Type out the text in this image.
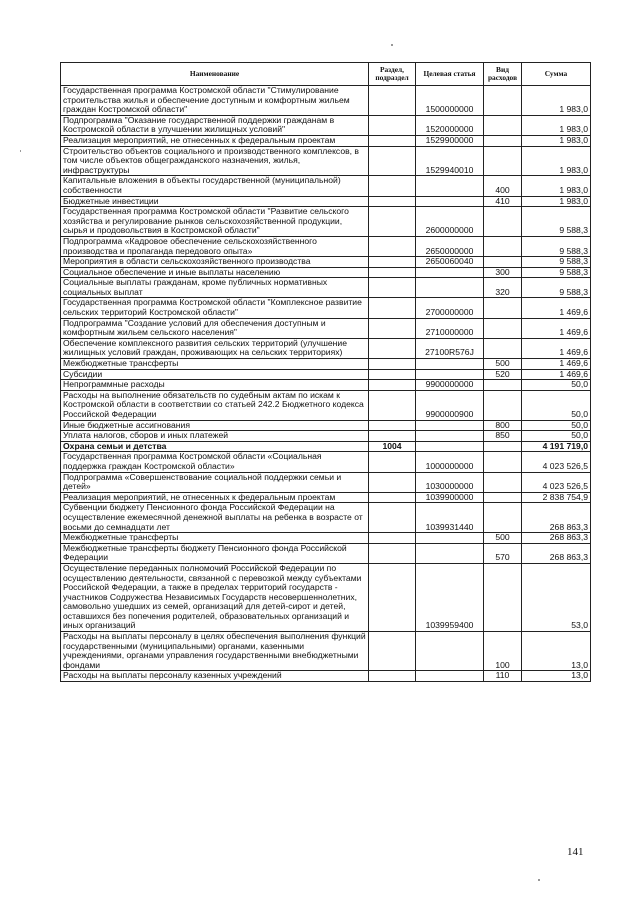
Наименование	Раздел, подраздел	Целевая статья	Вид расходов	Сумма
Государственная программа Костромской области "Стимулирование строительства жилья и обеспечение доступным и комфортным жильем граждан Костромской области"		1500000000		1 983,0
Подпрограмма "Оказание государственной поддержки гражданам в Костромской области в улучшении жилищных условий"		1520000000		1 983,0
Реализация мероприятий, не отнесенных к федеральным проектам		1529900000		1 983,0
Строительство объектов социального и производственного комплексов, в том числе объектов общегражданского назначения, жилья, инфраструктуры		1529940010		1 983,0
Капитальные вложения в объекты государственной (муниципальной) собственности			400	1 983,0
Бюджетные инвестиции			410	1 983,0
Государственная программа Костромской области "Развитие сельского хозяйства и регулирование рынков сельскохозяйственной продукции, сырья и продовольствия в Костромской области"		2600000000		9 588,3
Подпрограмма «Кадровое обеспечение сельскохозяйственного производства и пропаганда передового опыта»		2650000000		9 588,3
Мероприятия в области сельскохозяйственного производства		2650060040		9 588,3
Социальное обеспечение и иные выплаты населению			300	9 588,3
Социальные выплаты гражданам, кроме публичных нормативных социальных выплат			320	9 588,3
Государственная программа Костромской области "Комплексное развитие сельских территорий Костромской области"		2700000000		1 469,6
Подпрограмма "Создание условий для обеспечения доступным и комфортным жильем сельского населения"		2710000000		1 469,6
Обеспечение комплексного развития сельских территорий (улучшение жилищных условий граждан, проживающих на сельских территориях)		27100R576J		1 469,6
Межбюджетные трансферты			500	1 469,6
Субсидии			520	1 469,6
Непрограммные расходы		9900000000		50,0
Расходы на выполнение обязательств по судебным актам по искам к Костромской области в соответствии со статьей 242.2 Бюджетного кодекса Российской Федерации		9900000900		50,0
Иные бюджетные ассигнования			800	50,0
Уплата налогов, сборов и иных платежей			850	50,0
Охрана семьи и детства	1004			4 191 719,0
Государственная программа Костромской области «Социальная поддержка граждан Костромской области»		1000000000		4 023 526,5
Подпрограмма «Совершенствование социальной поддержки семьи и детей»		1030000000		4 023 526,5
Реализация мероприятий, не отнесенных к федеральным проектам		1039900000		2 838 754,9
Субвенции бюджету Пенсионного фонда Российской Федерации на осуществление ежемесячной денежной выплаты на ребенка в возрасте от восьми до семнадцати лет		1039931440		268 863,3
Межбюджетные трансферты			500	268 863,3
Межбюджетные трансферты бюджету Пенсионного фонда Российской Федерации			570	268 863,3
Осуществление переданных полномочий Российской Федерации по осуществлению деятельности, связанной с перевозкой между субъектами Российской Федерации, а также в пределах территорий государств - участников Содружества Независимых Государств несовершеннолетних, самовольно ушедших из семей, организаций для детей-сирот и детей, оставшихся без попечения родителей, образовательных организаций и иных организаций		1039959400		53,0
Расходы на выплаты персоналу в целях обеспечения выполнения функций государственными (муниципальными) органами, казенными учреждениями, органами управления государственными внебюджетными фондами			100	13,0
Расходы на выплаты персоналу казенных учреждений			110	13,0
141
